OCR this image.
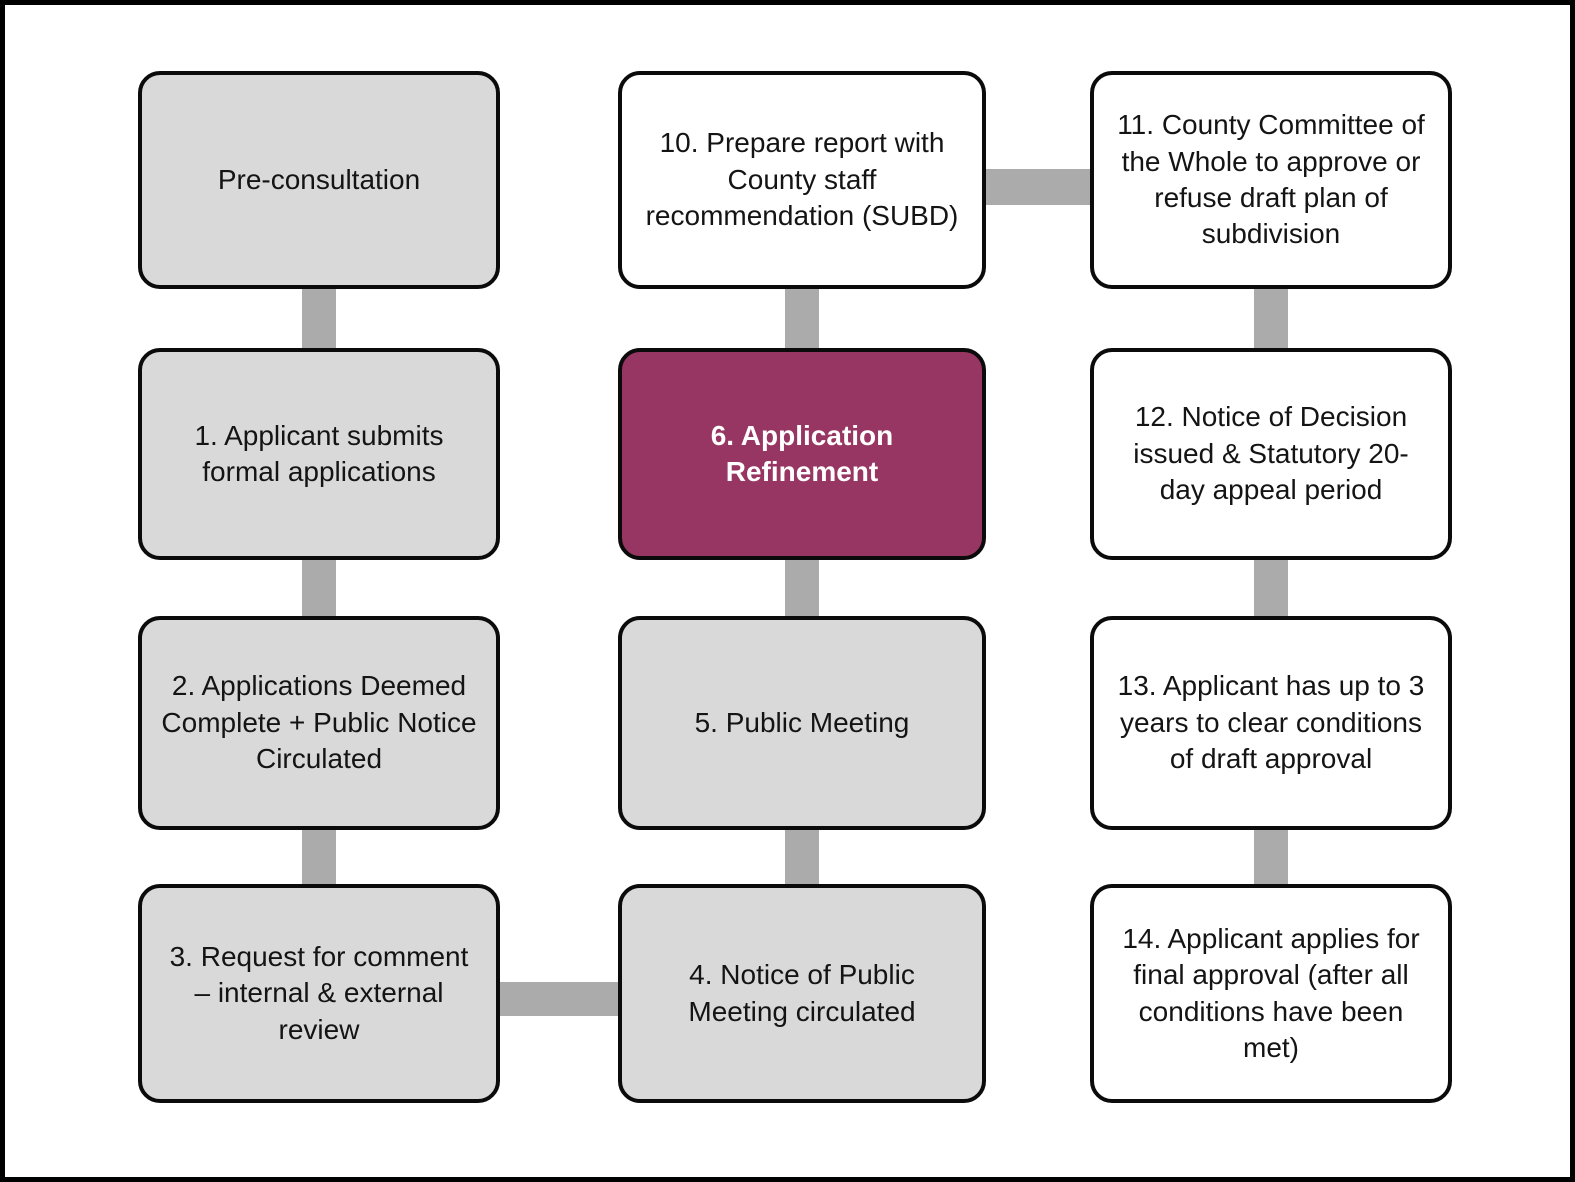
Pre-consultation
1. Applicant submits formal applications
2. Applications Deemed Complete + Public Notice Circulated
3. Request for comment – internal & external review
10. Prepare report with County staff recommendation (SUBD)
6. Application Refinement
5. Public Meeting
4. Notice of Public Meeting circulated
11. County Committee of the Whole to approve or refuse draft plan of subdivision
12. Notice of Decision issued & Statutory 20-day appeal period
13. Applicant has up to 3 years to clear conditions of draft approval
14. Applicant applies for final approval (after all conditions have been met)
